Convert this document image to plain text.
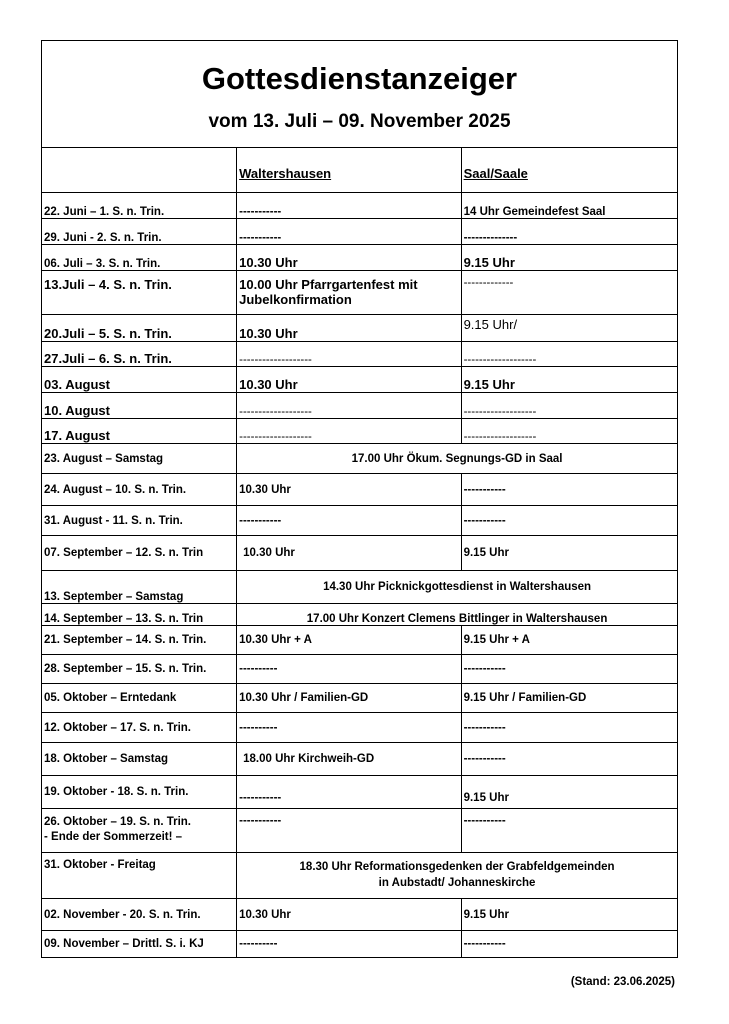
Gottesdienstanzeiger
vom 13. Juli – 09. November 2025		

	Waltershausen	Saal/Saale
22. Juni – 1. S. n. Trin.	-----------	14 Uhr Gemeindefest Saal
29. Juni - 2. S. n. Trin.	-----------	--------------
06. Juli – 3. S. n. Trin.	10.30 Uhr	9.15 Uhr
13.Juli – 4. S. n. Trin.	10.00 Uhr Pfarrgartenfest mit Jubelkonfirmation	-------------
20.Juli – 5. S. n. Trin.	10.30 Uhr	9.15 Uhr/
27.Juli – 6. S. n. Trin.	-------------------	-------------------
03. August	10.30 Uhr	9.15 Uhr
10. August	-------------------	-------------------
17. August	-------------------	-------------------
23. August – Samstag	17.00 Uhr Ökum. Segnungs-GD in Saal	
24. August – 10. S. n. Trin.	10.30 Uhr	-----------
31. August - 11. S. n. Trin.	-----------	-----------
07. September – 12. S. n. Trin	10.30 Uhr	9.15 Uhr
13. September – Samstag	14.30 Uhr Picknickgottesdienst in Waltershausen	
14. September – 13. S. n. Trin	17.00 Uhr Konzert Clemens Bittlinger in Waltershausen	
21. September – 14. S. n. Trin.	10.30 Uhr + A	9.15 Uhr + A
28. September – 15. S. n. Trin.	----------	-----------
05. Oktober – Erntedank	10.30 Uhr / Familien-GD	9.15 Uhr / Familien-GD
12. Oktober – 17. S. n. Trin.	----------	-----------
18. Oktober – Samstag	18.00 Uhr Kirchweih-GD	-----------
19. Oktober - 18. S. n. Trin.	-----------	9.15 Uhr

26. Oktober – 19. S. n. Trin.
- Ende der Sommerzeit! –	-----------	-----------
31. Oktober - Freitag	18.30 Uhr Reformationsgedenken der Grabfeldgemeinden
in Aubstadt/ Johanneskirche	

02. November - 20. S. n. Trin.	10.30 Uhr	9.15 Uhr
09. November – Drittl. S. i. KJ	----------	-----------
(Stand: 23.06.2025)
